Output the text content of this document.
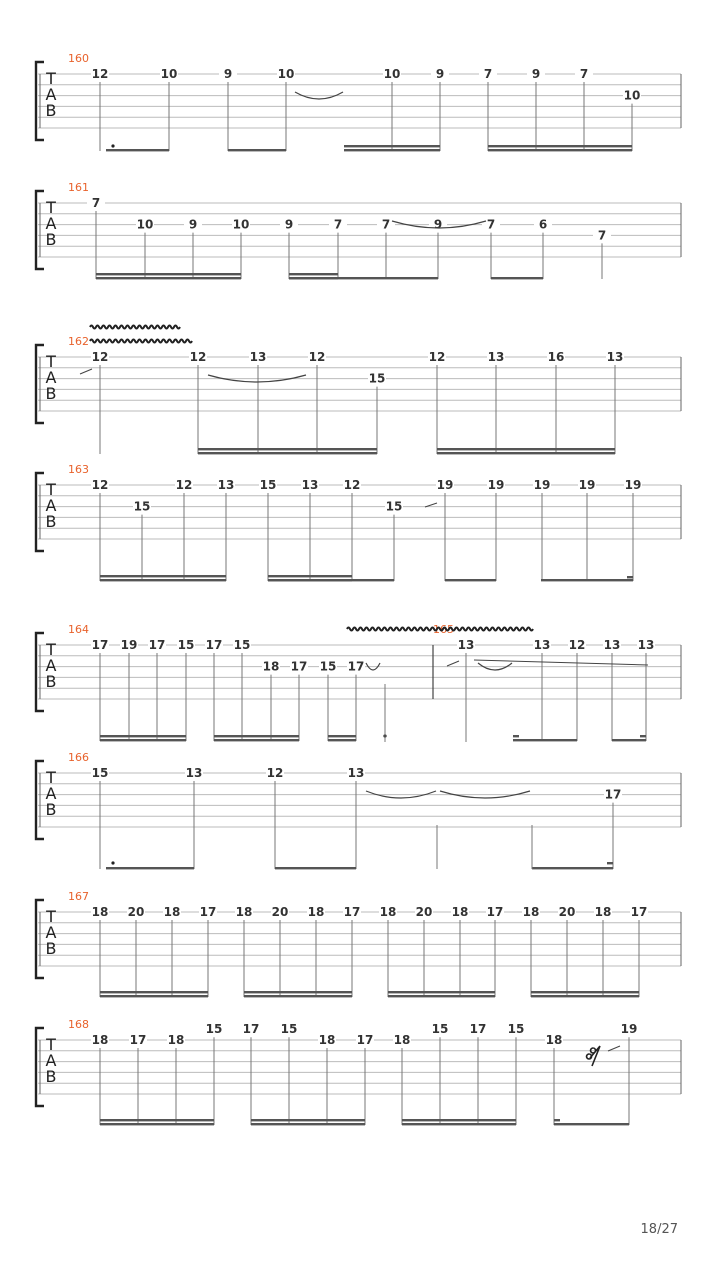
T
A
B
160
12	10	9	10	10	9	7	9	7
10
T
A
B
161
7
10	9	10	9	7	7	9	7	6
7
T
A
B
162
12	12	13	12
15
12	13	16	13
T
A
B
163
12
15
12 13 15 13 12
15
19	19 19 19 19
T
A
B
164	165
17 19 17 15 17 15
18 17 15 17
13	13 12 13 13
T
A
B
166
15	13	12	13
17
T
A
B
167
18 20 18 17 18 20 18 17 18 20 18 17 18 20 18 17
T
A
B
168
18 17 18
15 17 15
18 17 18
15 17 15
18
19
18/27
